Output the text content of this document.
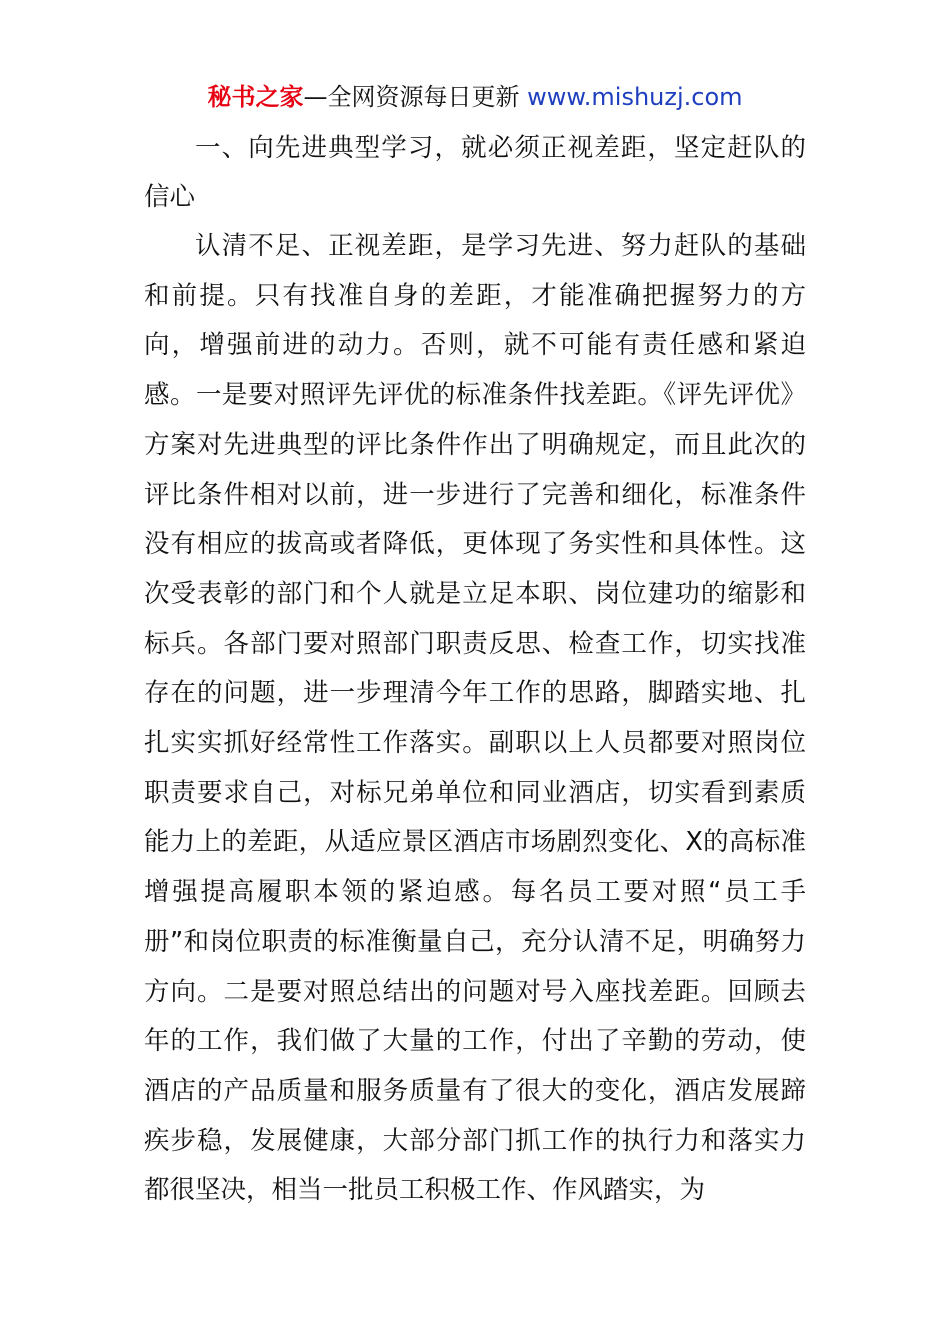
秘书之家—全网资源每日更新 www.mishuzj.com
一、向先进典型学习，就必须正视差距，坚定赶队的信心

认清不足、正视差距，是学习先进、努力赶队的基础和前提。只有找准自身的差距，才能准确把握努力的方向，增强前进的动力。否则，就不可能有责任感和紧迫感。一是要对照评先评优的标准条件找差距。《评先评优》方案对先进典型的评比条件作出了明确规定，而且此次的评比条件相对以前，进一步进行了完善和细化，标准条件没有相应的拔高或者降低，更体现了务实性和具体性。这次受表彰的部门和个人就是立足本职、岗位建功的缩影和标兵。各部门要对照部门职责反思、检查工作，切实找准存在的问题，进一步理清今年工作的思路，脚踏实地、扎扎实实抓好经常性工作落实。副职以上人员都要对照岗位职责要求自己，对标兄弟单位和同业酒店，切实看到素质能力上的差距，从适应景区酒店市场剧烈变化、X的高标准增强提高履职本领的紧迫感。每名员工要对照“员工手册”和岗位职责的标准衡量自己，充分认清不足，明确努力方向。二是要对照总结出的问题对号入座找差距。回顾去年的工作，我们做了大量的工作，付出了辛勤的劳动，使酒店的产品质量和服务质量有了很大的变化，酒店发展蹄疾步稳，发展健康，大部分部门抓工作的执行力和落实力都很坚决，相当一批员工积极工作、作风踏实，为
